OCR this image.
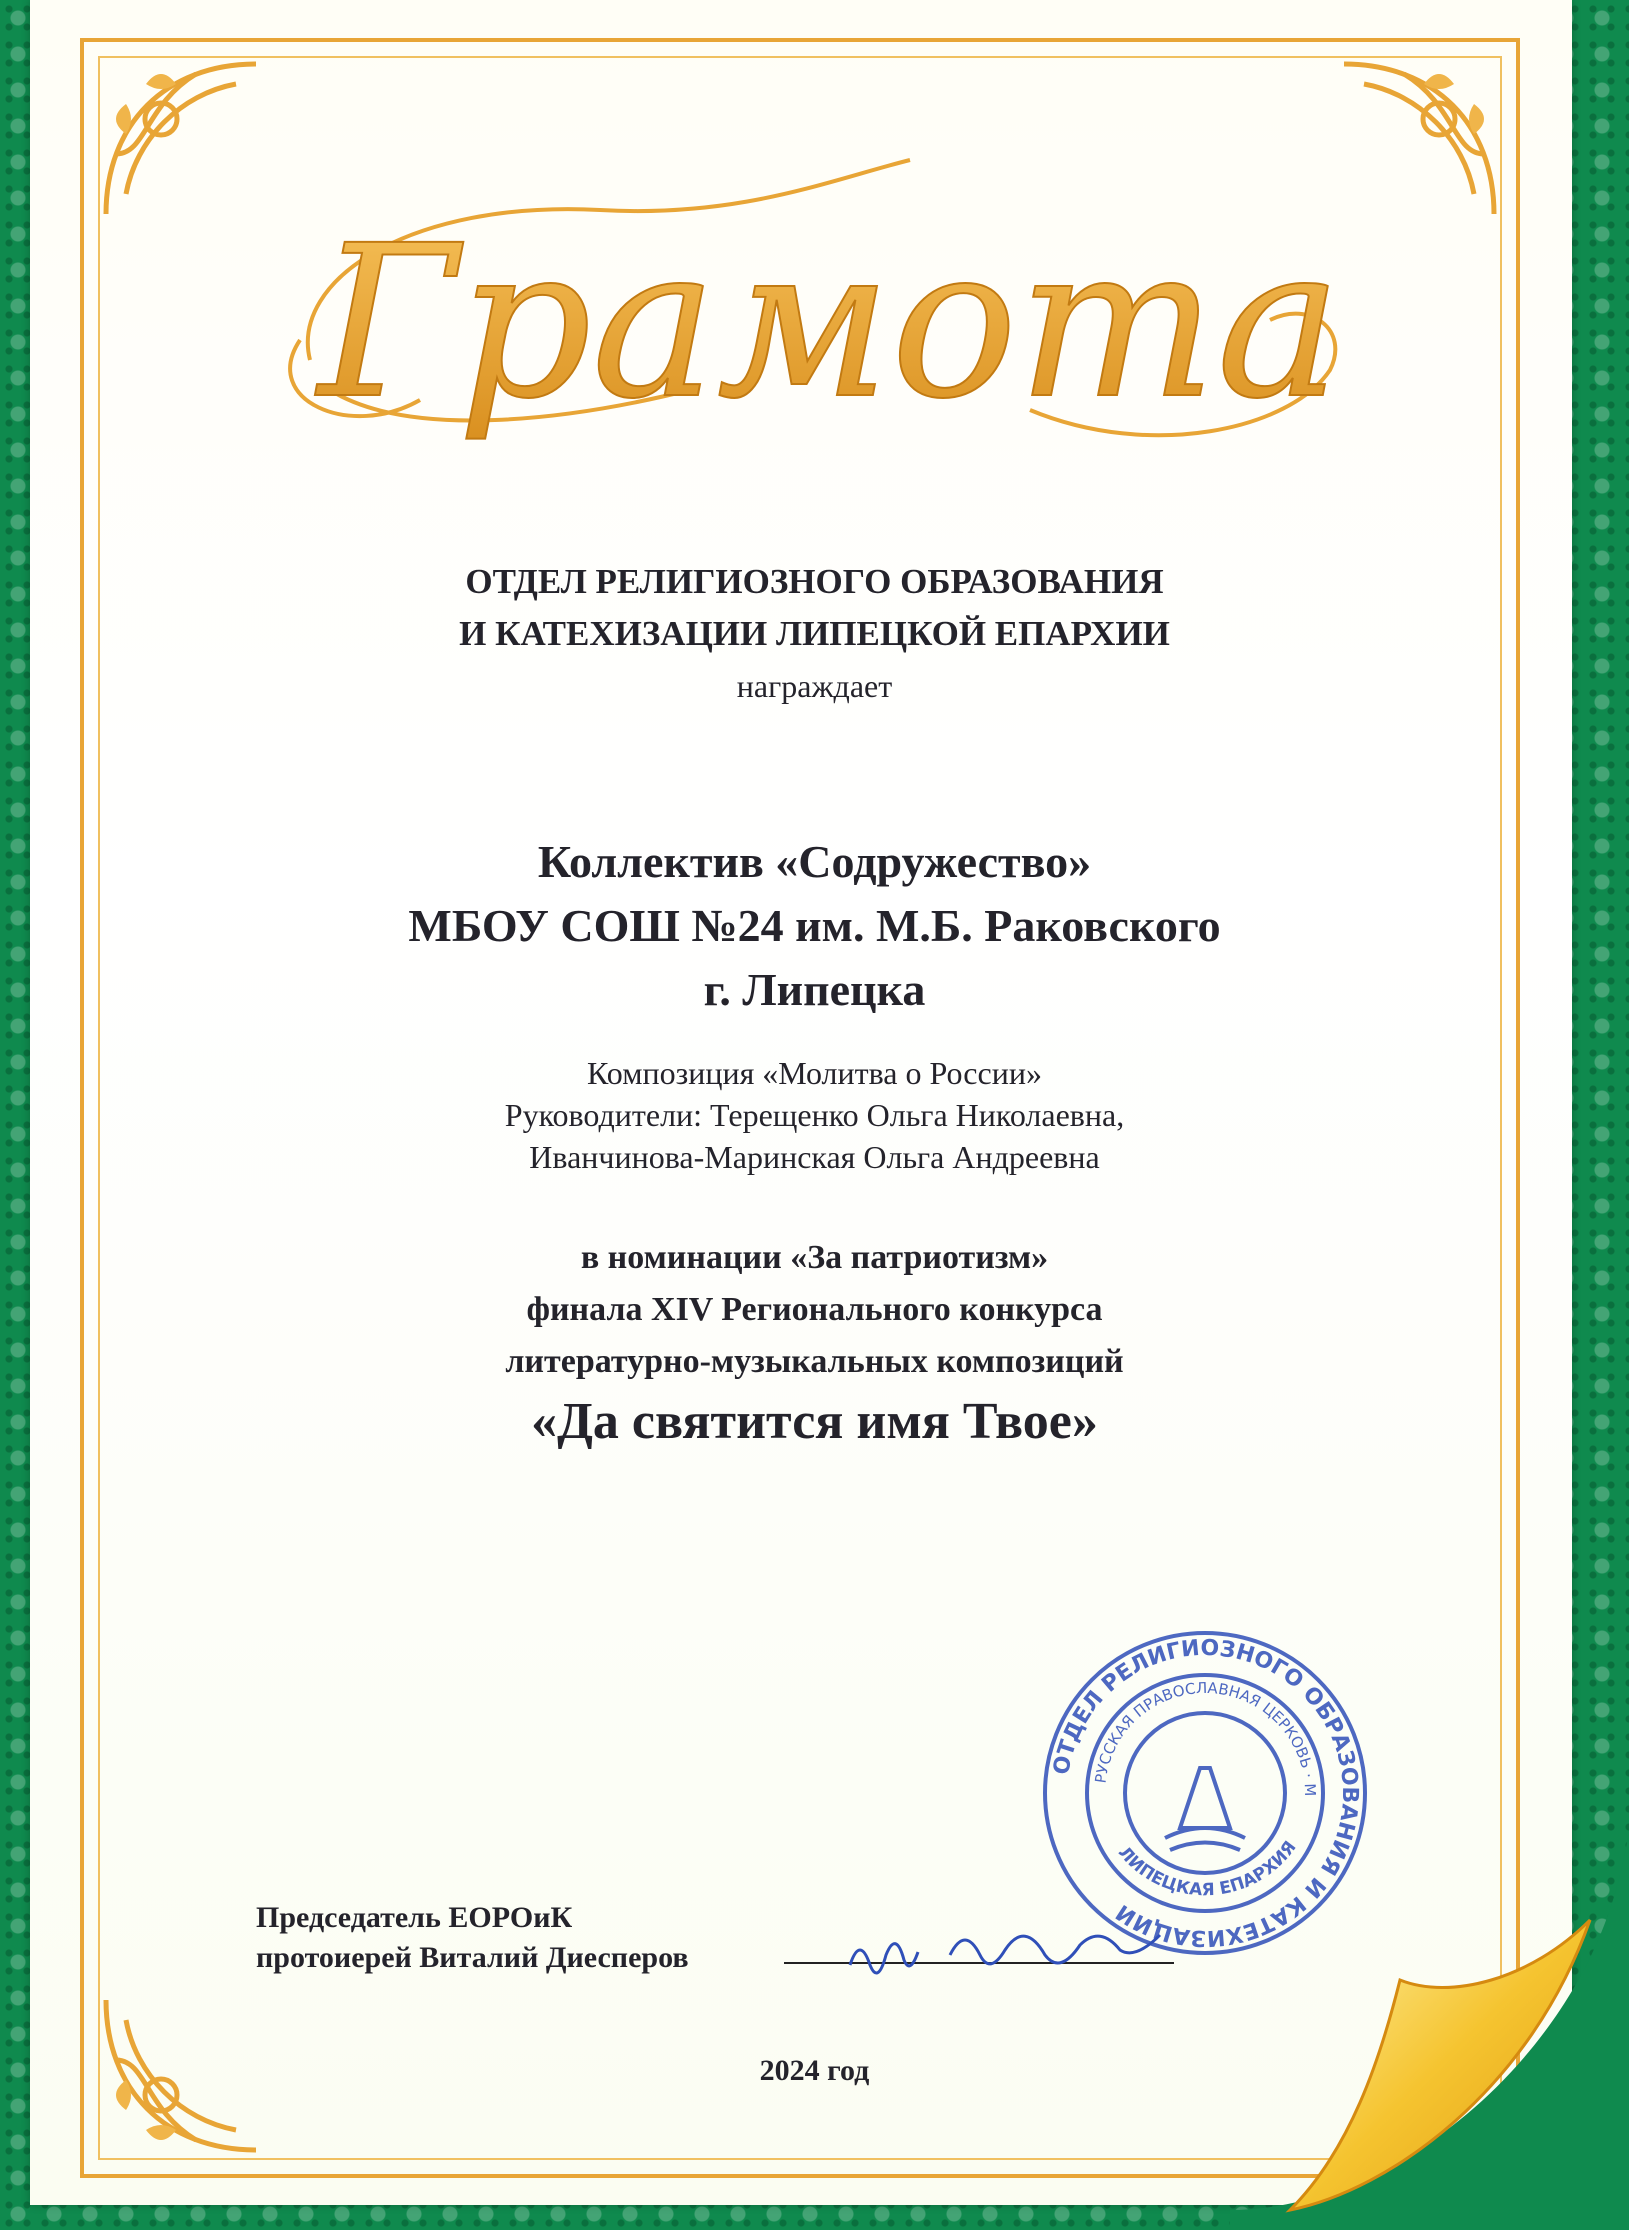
Грамота
ОТДЕЛ РЕЛИГИОЗНОГО ОБРАЗОВАНИЯ
И КАТЕХИЗАЦИИ ЛИПЕЦКОЙ ЕПАРХИИ
награждает
Коллектив «Содружество»
МБОУ СОШ №24 им. М.Б. Раковского
г. Липецка
Композиция «Молитва о России»
Руководители: Терещенко Ольга Николаевна,
Иванчинова-Маринская Ольга Андреевна
в номинации «За патриотизм»
финала XIV Регионального конкурса
литературно-музыкальных композиций
«Да святится имя Твое»
ОТДЕЛ РЕЛИГИОЗНОГО ОБРАЗОВАНИЯ И КАТЕХИЗАЦИИ
РУССКАЯ ПРАВОСЛАВНАЯ ЦЕРКОВЬ · М
ЛИПЕЦКАЯ ЕПАРХИЯ
Председатель ЕОРОиК
протоиерей Виталий Диесперов
2024 год
